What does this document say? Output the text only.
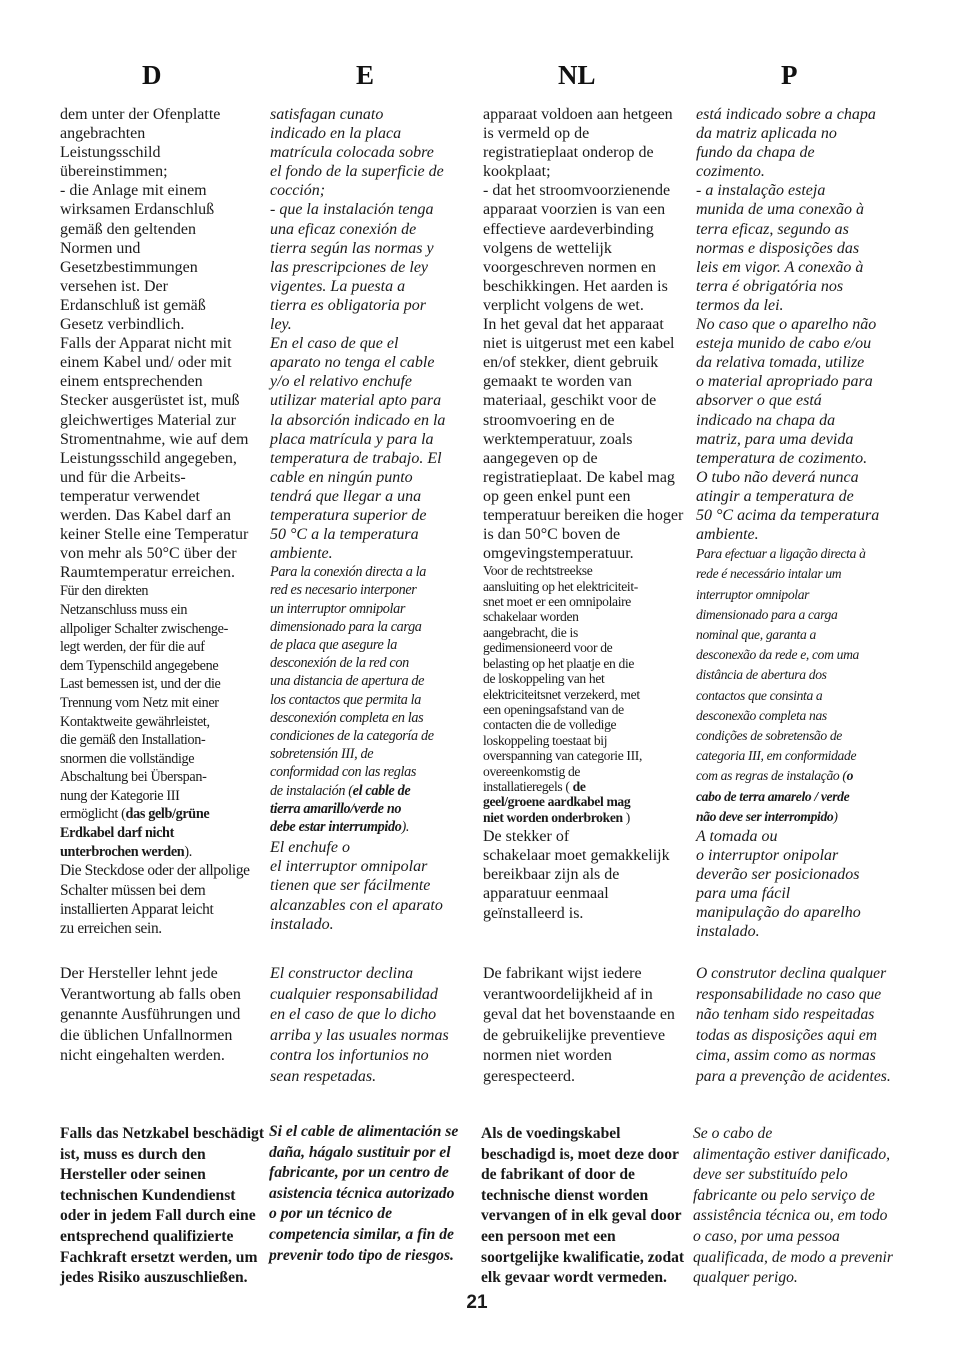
D	E	NL	P

dem unter der Ofenplatte
angebrachten
Leistungsschild
übereinstimmen;
- die Anlage mit einem
wirksamen Erdanschluß
gemäß den geltenden
Normen und
Gesetzbestimmungen
versehen ist. Der
Erdanschluß ist gemäß
Gesetz verbindlich.
Falls der Apparat nicht mit
einem Kabel und/ oder mit
einem entsprechenden
Stecker ausgerüstet ist, muß
gleichwertiges Material zur
Stromentnahme, wie auf dem
Leistungsschild angegeben,
und für die Arbeits-
temperatur verwendet
werden. Das Kabel darf an
keiner Stelle eine Temperatur
von mehr als 50°C über der
Raumtemperatur erreichen.

Für den direkten
Netzanschluss muss ein
allpoliger Schalter zwischenge-
legt werden, der für die auf
dem Typenschild angegebene
Last bemessen ist, und der die
Trennung vom Netz mit einer
Kontaktweite gewährleistet,
die gemäß den Installation-
snormen die vollständige
Abschaltung bei Überspan-
nung der Kategorie III
ermöglicht (das gelb/grüne
Erdkabel darf nicht
unterbrochen werden).

Die Steckdose oder der allpolige
Schalter müssen bei dem
installierten Apparat leicht
zu erreichen sein.

satisfagan cunato
indicado en la placa
matrícula colocada sobre
el fondo de la superficie de
cocción;
- que la instalación tenga
una eficaz conexión de
tierra según las normas y
las prescripciones de ley
vigentes. La puesta a
tierra es obligatoria por
ley.
En el caso de que el
aparato no tenga el cable
y/o el relativo enchufe
utilizar material apto para
la absorción indicado en la
placa matrícula y para la
temperatura de trabajo. El
cable en ningún punto
tendrá que llegar a una
temperatura superior de
50 °C a la temperatura
ambiente.

Para la conexión directa a la
red es necesario interponer
un interruptor omnipolar
dimensionado para la carga
de placa que asegure la
desconexión de la red con
una distancia de apertura de
los contactos que permita la
desconexión completa en las
condiciones de la categoría de
sobretensión III, de
conformidad con las reglas
de instalación (el cable de
tierra amarillo/verde no
debe estar interrumpido).

El enchufe o
el interruptor omnipolar
tienen que ser fácilmente
alcanzables con el aparato
instalado.

apparaat voldoen aan hetgeen
is vermeld op de
registratieplaat onderop de
kookplaat;
- dat het stroomvoorzienende
apparaat voorzien is van een
effectieve aardeverbinding
volgens de wettelijk
voorgeschreven normen en
beschikkingen. Het aarden is
verplicht volgens de wet.
In het geval dat het apparaat
niet is uitgerust met een kabel
en/of stekker, dient gebruik
gemaakt te worden van
materiaal, geschikt voor de
stroomvoering en de
werktemperatuur, zoals
aangegeven op de
registratieplaat. De kabel mag
op geen enkel punt een
temperatuur bereiken die hoger
is dan 50°C boven de
omgevingstemperatuur.

Voor de rechtstreekse
aansluiting op het elektriciteit-
snet moet er een omnipolaire
schakelaar worden
aangebracht, die is
gedimensioneerd voor de
belasting op het plaatje en die
de loskoppeling van het
elektriciteitsnet verzekerd, met
een openingsafstand van de
contacten die de volledige
loskoppeling toestaat bij
overspanning van categorie III,
overeenkomstig de
installatieregels ( de
geel/groene aardkabel mag
niet worden onderbroken )

De stekker of
schakelaar moet gemakkelijk
bereikbaar zijn als de
apparatuur eenmaal
geïnstalleerd is.

está indicado sobre a chapa
da matriz aplicada no
fundo da chapa de
cozimento.
- a instalação esteja
munida de uma conexão à
terra eficaz, segundo as
normas e disposições das
leis em vigor. A conexão à
terra é obrigatória nos
termos da lei.
No caso que o aparelho não
esteja munido de cabo e/ou
da relativa tomada, utilize
o material apropriado para
absorver o que está
indicado na chapa da
matriz, para uma devida
temperatura de cozimento.
O tubo não deverá nunca
atingir a temperatura de
50 °C acima da temperatura
ambiente.

Para efectuar a ligação directa à
rede é necessário intalar um
interruptor omnipolar
dimensionado para a carga
nominal que, garanta a
desconexão da rede e, com uma
distância de abertura dos
contactos que consinta a
desconexão completa nas
condições de sobretensão de
categoria III, em conformidade
com as regras de instalação (o
cabo de terra amarelo / verde
não deve ser interrompido)

A tomada ou
o interruptor onipolar
deverão ser posicionados
para uma fácil
manipulação do aparelho
instalado.

Der Hersteller lehnt jede
Verantwortung ab falls oben
genannte Ausführungen und
die üblichen Unfallnormen
nicht eingehalten werden.
El constructor declina
cualquier responsabilidad
en el caso de que lo dicho
arriba y las usuales normas
contra los infortunios no
sean respetadas.
De fabrikant wijst iedere
verantwoordelijkheid af in
geval dat het bovenstaande en
de gebruikelijke preventieve
normen niet worden
gerespecteerd.
O construtor declina qualquer
responsabilidade no caso que
não tenham sido respeitadas
todas as disposições aqui em
cima, assim como as normas
para a prevenção de acidentes.
Falls das Netzkabel beschädigt
ist, muss es durch den
Hersteller oder seinen
technischen Kundendienst
oder in jedem Fall durch eine
entsprechend qualifizierte
Fachkraft ersetzt werden, um
jedes Risiko auszuschließen.
Si el cable de alimentación se
daña, hágalo sustituir por el
fabricante, por un centro de
asistencia técnica autorizado
o por un técnico de
competencia similar, a fin de
prevenir todo tipo de riesgos.
Als de voedingskabel
beschadigd is, moet deze door
de fabrikant of door de
technische dienst worden
vervangen of in elk geval door
een persoon met een
soortgelijke kwalificatie, zodat
elk gevaar wordt vermeden.
Se o cabo de
alimentação estiver danificado,
deve ser substituído pelo
fabricante ou pelo serviço de
assistência técnica ou, em todo
o caso, por uma pessoa
qualificada, de modo a prevenir
qualquer perigo.
21
